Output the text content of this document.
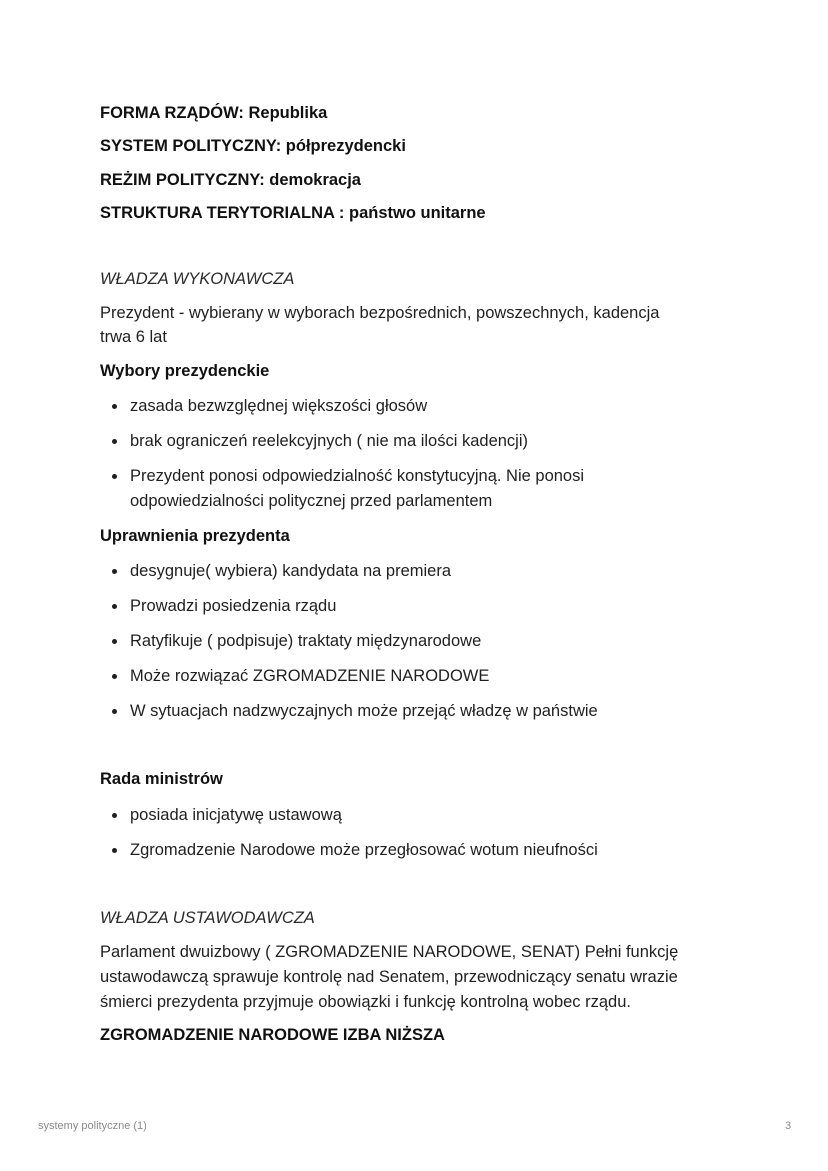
FORMA RZĄDÓW: Republika
SYSTEM POLITYCZNY: półprezydencki
REŻIM POLITYCZNY: demokracja
STRUKTURA TERYTORIALNA : państwo unitarne
WŁADZA WYKONAWCZA
Prezydent - wybierany w wyborach bezpośrednich, powszechnych, kadencja
trwa 6 lat
Wybory prezydenckie
zasada bezwzględnej większości głosów
brak ograniczeń reelekcyjnych ( nie ma ilości kadencji)
Prezydent ponosi odpowiedzialność konstytucyjną. Nie ponosi
odpowiedzialności politycznej przed parlamentem
Uprawnienia prezydenta
desygnuje( wybiera) kandydata na premiera
Prowadzi posiedzenia rządu
Ratyfikuje ( podpisuje) traktaty międzynarodowe
Może rozwiązać ZGROMADZENIE NARODOWE
W sytuacjach nadzwyczajnych może przejąć władzę w państwie
Rada ministrów
posiada inicjatywę ustawową
Zgromadzenie Narodowe może przegłosować wotum nieufności
WŁADZA USTAWODAWCZA
Parlament dwuizbowy ( ZGROMADZENIE NARODOWE, SENAT) Pełni funkcję
ustawodawczą sprawuje kontrolę nad Senatem, przewodniczący senatu wrazie
śmierci prezydenta przyjmuje obowiązki i funkcję kontrolną wobec rządu.
ZGROMADZENIE NARODOWE IZBA NIŻSZA
systemy polityczne (1)	3
